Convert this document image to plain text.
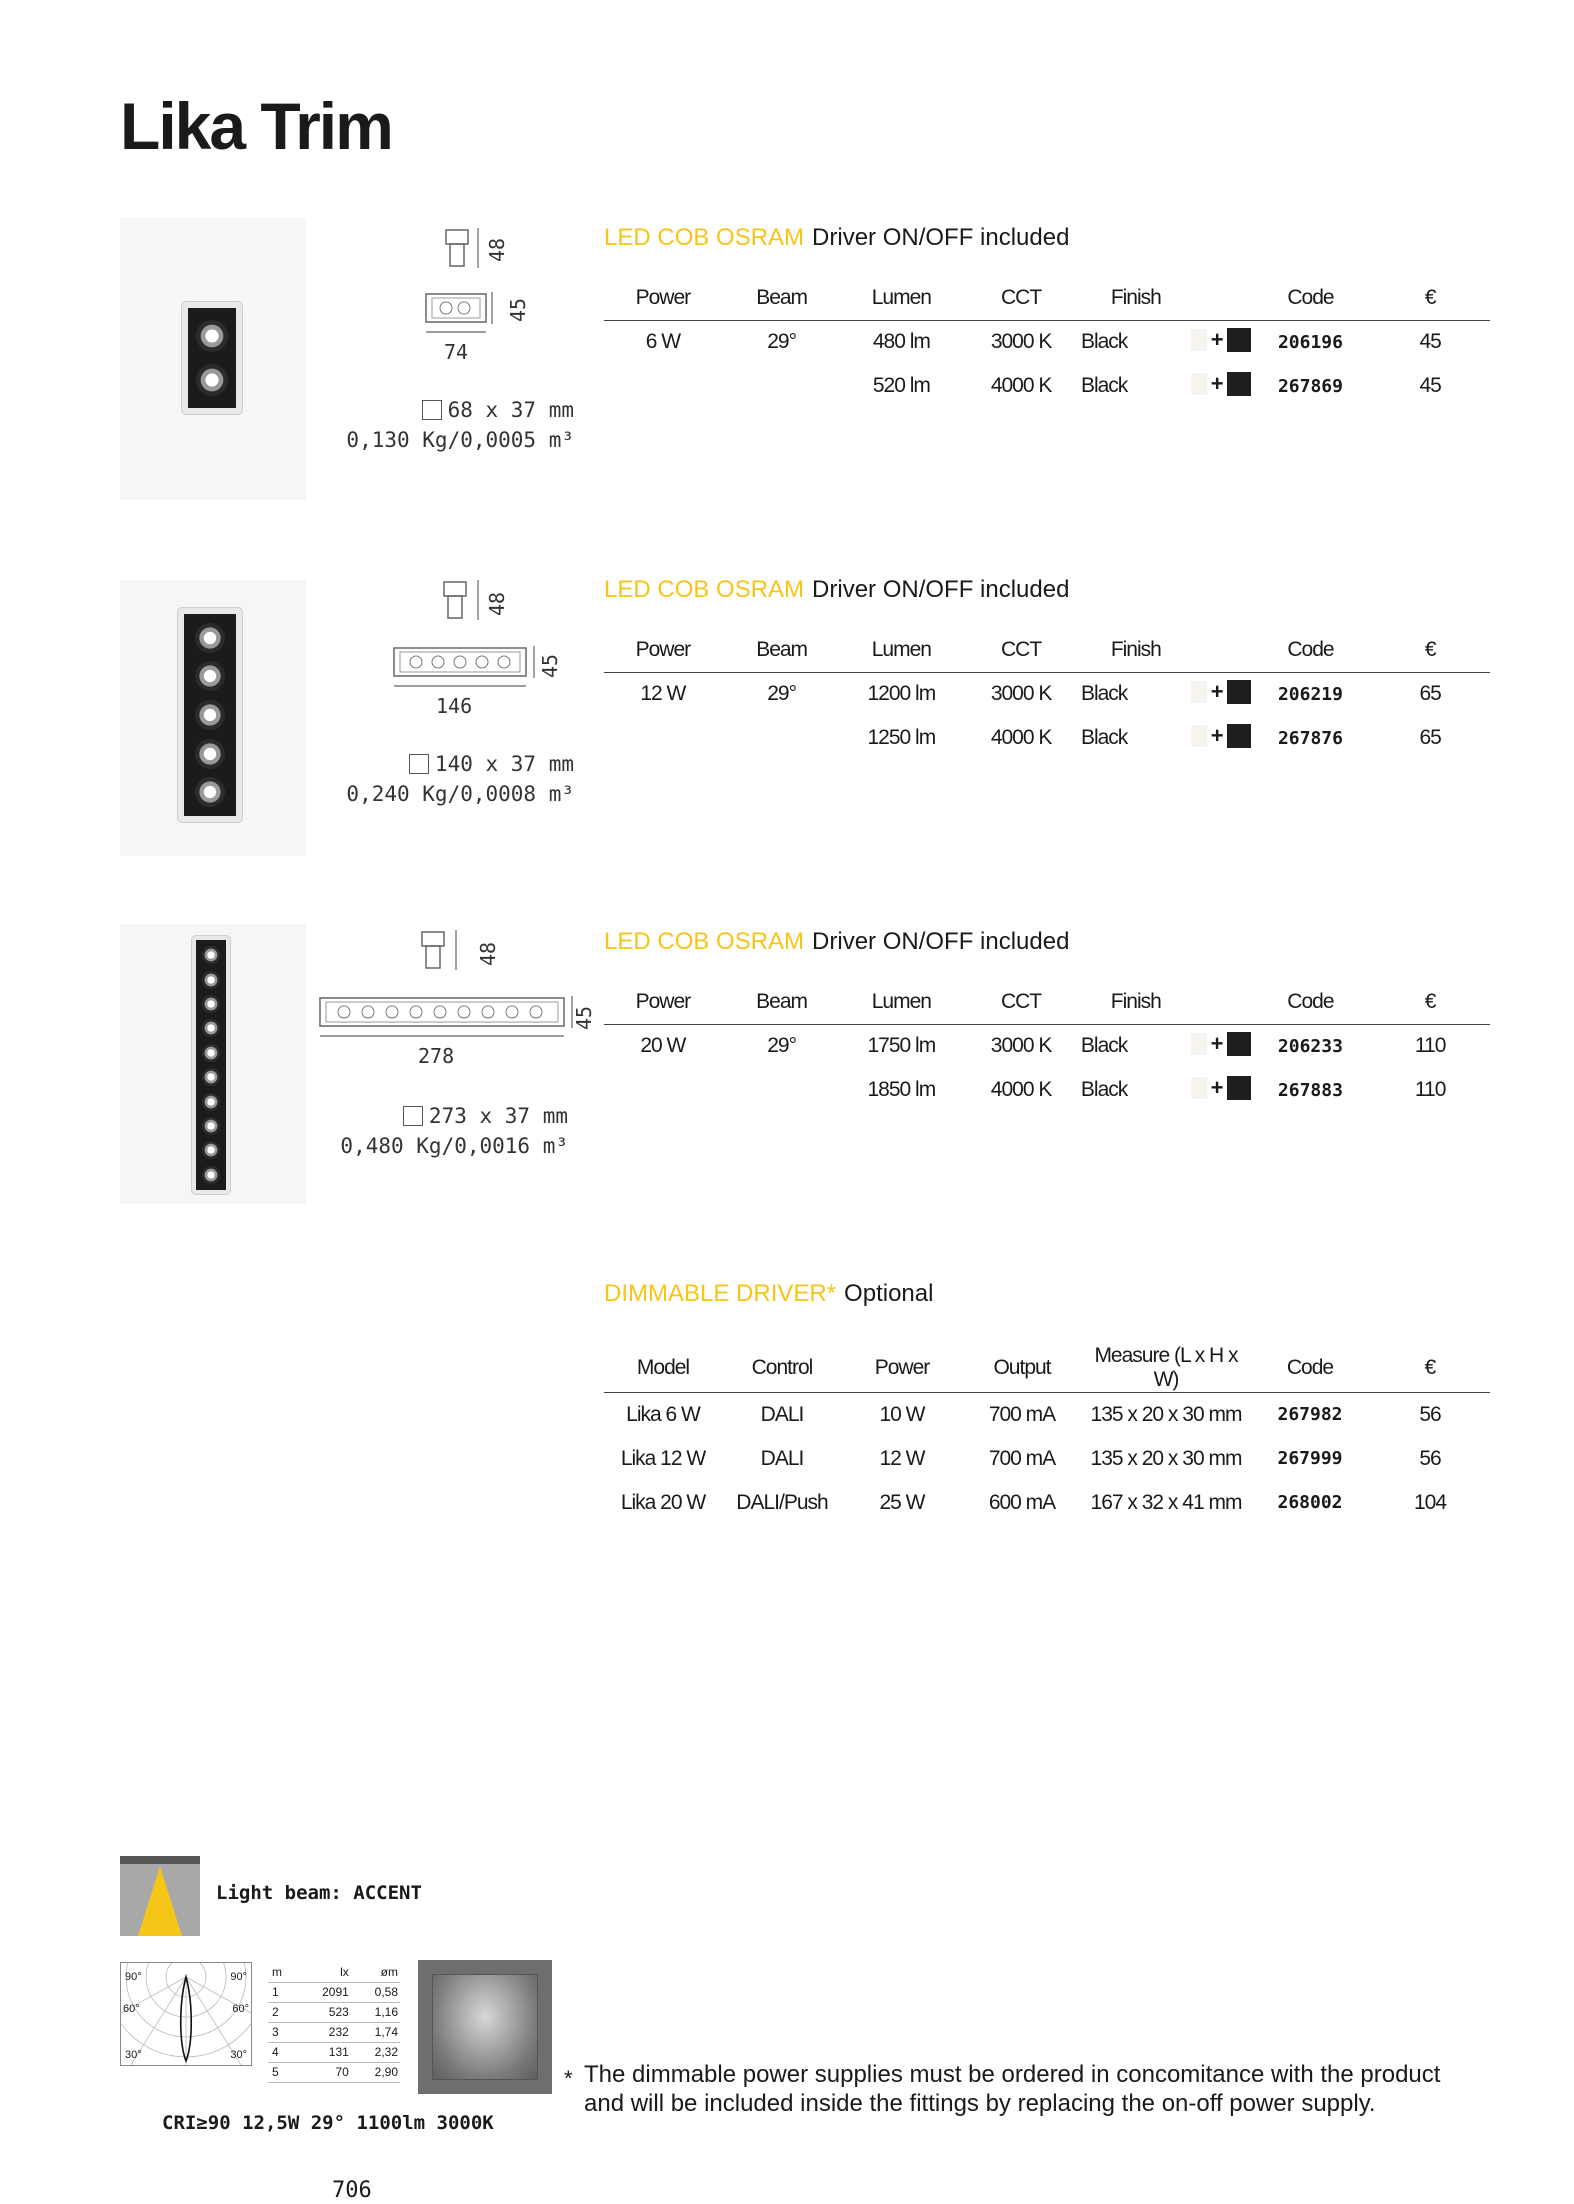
Lika Trim
48
45
74
68 x 37 mm
0,130 Kg/0,0005 m³
LED COB OSRAM Driver ON/OFF included
Power	Beam	Lumen	CCT	Finish		Code	€
6 W	29°	480 lm	3000 K	Black	+	206196	45
		520 lm	4000 K	Black	+	267869	45
48
45
146
140 x 37 mm
0,240 Kg/0,0008 m³
LED COB OSRAM Driver ON/OFF included
Power	Beam	Lumen	CCT	Finish		Code	€
12 W	29°	1200 lm	3000 K	Black	+	206219	65
		1250 lm	4000 K	Black	+	267876	65
48
45
278
273 x 37 mm
0,480 Kg/0,0016 m³
LED COB OSRAM Driver ON/OFF included
Power	Beam	Lumen	CCT	Finish		Code	€
20 W	29°	1750 lm	3000 K	Black	+	206233	110
		1850 lm	4000 K	Black	+	267883	110
DIMMABLE DRIVER* Optional
Model	Control	Power	Output	Measure (L x H x W)	Code	€
Lika 6 W	DALI	10 W	700 mA	135 x 20 x 30 mm	267982	56
Lika 12 W	DALI	12 W	700 mA	135 x 20 x 30 mm	267999	56
Lika 20 W	DALI/Push	25 W	600 mA	167 x 32 x 41 mm	268002	104
Light beam: ACCENT
90°	90°
60°	60°
30°	30°
m	lx	øm
1	2091	0,58
2	523	1,16
3	232	1,74
4	131	2,32
5	70	2,90
CRI≥90 12,5W 29° 1100lm 3000K
* The dimmable power supplies must be ordered in concomitance with the product and will be included inside the fittings by replacing the on-off power supply.
706
